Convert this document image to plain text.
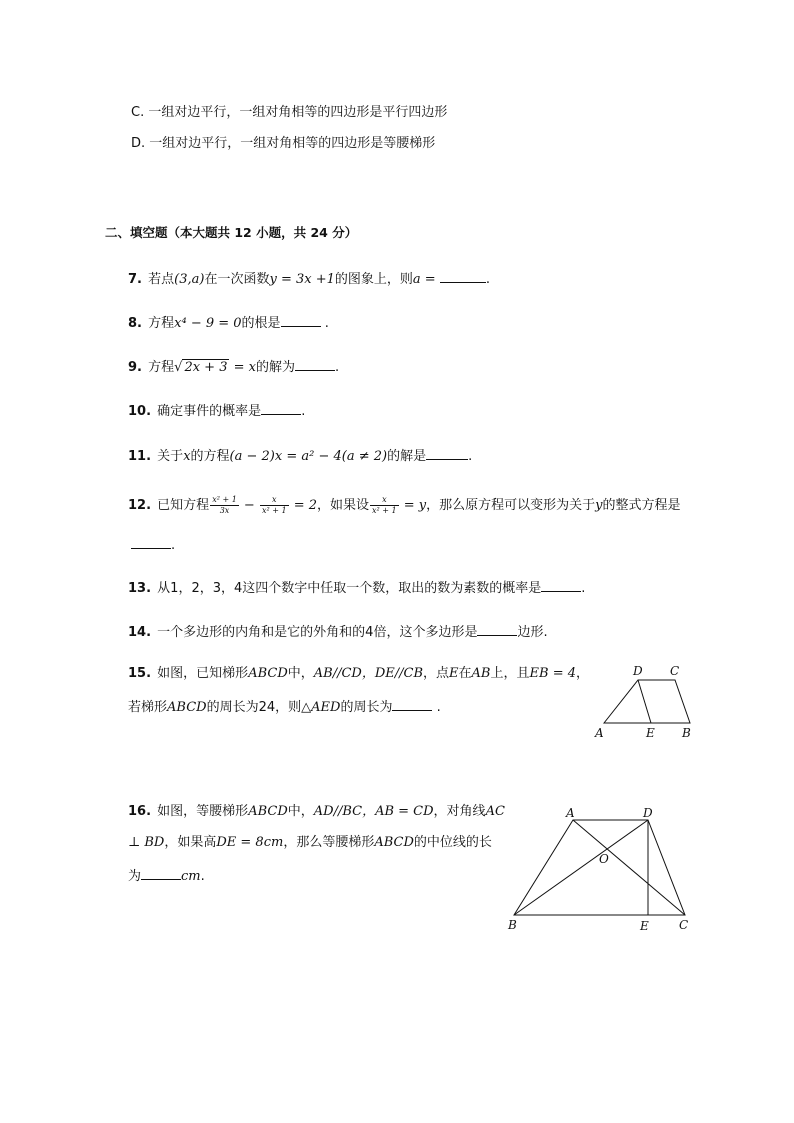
C. 一组对边平行，一组对角相等的四边形是平行四边形
D. 一组对边平行，一组对角相等的四边形是等腰梯形
二、填空题（本大题共 12 小题，共 24 分）
7. 若点(3,a)在一次函数y = 3x +1的图象上，则a =	.
8. 方程x⁴ − 9 = 0的根是	.
9. 方程√ 2x + 3 = x的解为	.
10. 确定事件的概率是	.
11. 关于x的方程(a − 2)x = a² − 4(a ≠ 2)的解是	.
12. 已知方程 $\frac{\text{x² + 1}}{3x} - \frac{x}{\text{x² + 1}} = 2$，如果设 $\frac{x}{\text{x² + 1}} = y$，那么原方程可以变形为关于y的整式方程是
.
13. 从1，2，3，4这四个数字中任取一个数，取出的数为素数的概率是	.
14. 一个多边形的内角和是它的外角和的4倍，这个多边形是	边形.
15. 如图，已知梯形ABCD中，AB//CD，DE//CB，点E在AB上，且EB = 4，
若梯形ABCD的周长为24，则△AED的周长为	.
D C
A	E B
16. 如图，等腰梯形ABCD中，AD//BC，AB = CD，对角线AC
⊥ BD，如果高DE = 8cm，那么等腰梯形ABCD的中位线的长
为	cm.
A	D
O
B	E	C
